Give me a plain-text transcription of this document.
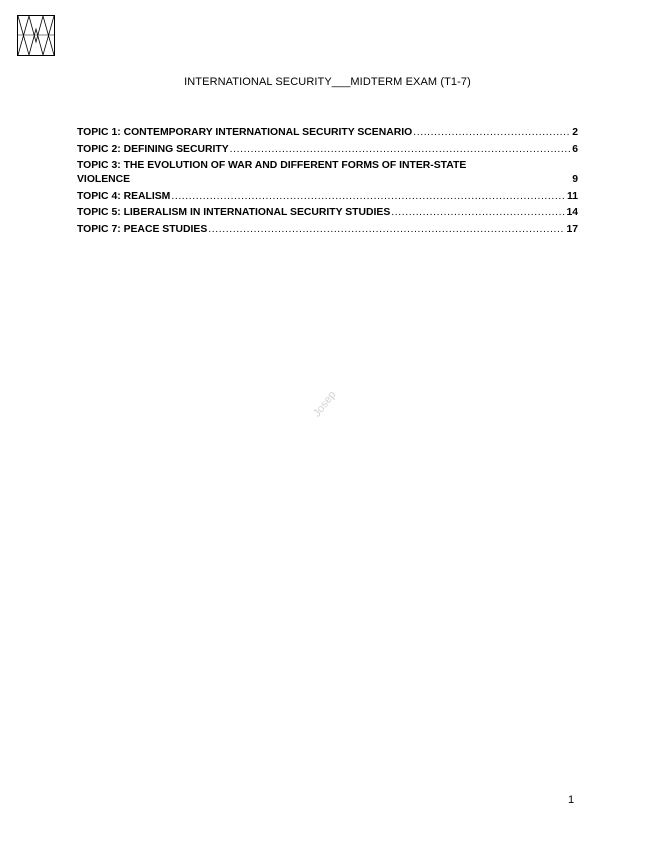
INTERNATIONAL SECURITY___MIDTERM EXAM (T1-7)
TOPIC 1: CONTEMPORARY INTERNATIONAL SECURITY SCENARIO .....	2
TOPIC 2: DEFINING SECURITY .....	6
TOPIC 3: THE EVOLUTION OF WAR AND DIFFERENT FORMS OF INTER-STATE
VIOLENCE	9
TOPIC 4: REALISM .....	11
TOPIC 5: LIBERALISM IN INTERNATIONAL SECURITY STUDIES .....	14
TOPIC 7: PEACE STUDIES .....	17
Josep
1
